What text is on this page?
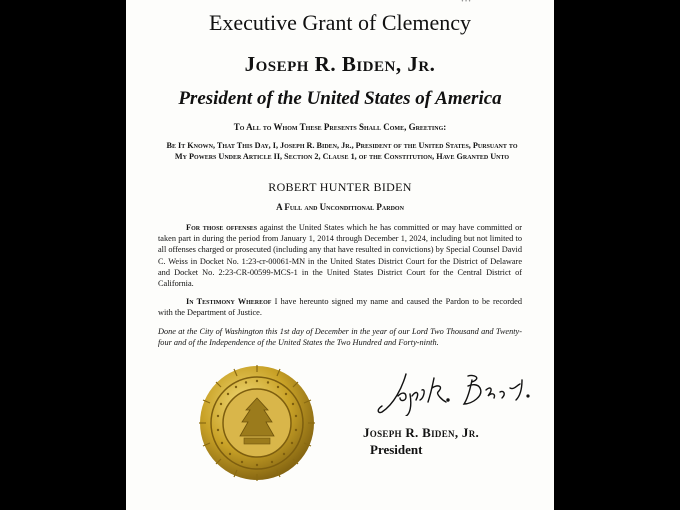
• • •
Executive Grant of Clemency
Joseph R. Biden, Jr.
President of the United States of America
To All to Whom These Presents Shall Come, Greeting:
Be It Known, That This Day, I, Joseph R. Biden, Jr., President of the United States, Pursuant to My Powers Under Article II, Section 2, Clause 1, of the Constitution, Have Granted Unto
ROBERT HUNTER BIDEN
A Full and Unconditional Pardon
For those offenses against the United States which he has committed or may have committed or taken part in during the period from January 1, 2014 through December 1, 2024, including but not limited to all offenses charged or prosecuted (including any that have resulted in convictions) by Special Counsel David C. Weiss in Docket No. 1:23-cr-00061-MN in the United States District Court for the District of Delaware and Docket No. 2:23-CR-00599-MCS-1 in the United States District Court for the Central District of California.
In Testimony Whereof I have hereunto signed my name and caused the Pardon to be recorded with the Department of Justice.
Done at the City of Washington this 1st day of December in the year of our Lord Two Thousand and Twenty-four and of the Independence of the United States the Two Hundred and Forty-ninth.
Joseph R. Biden, Jr.
President
